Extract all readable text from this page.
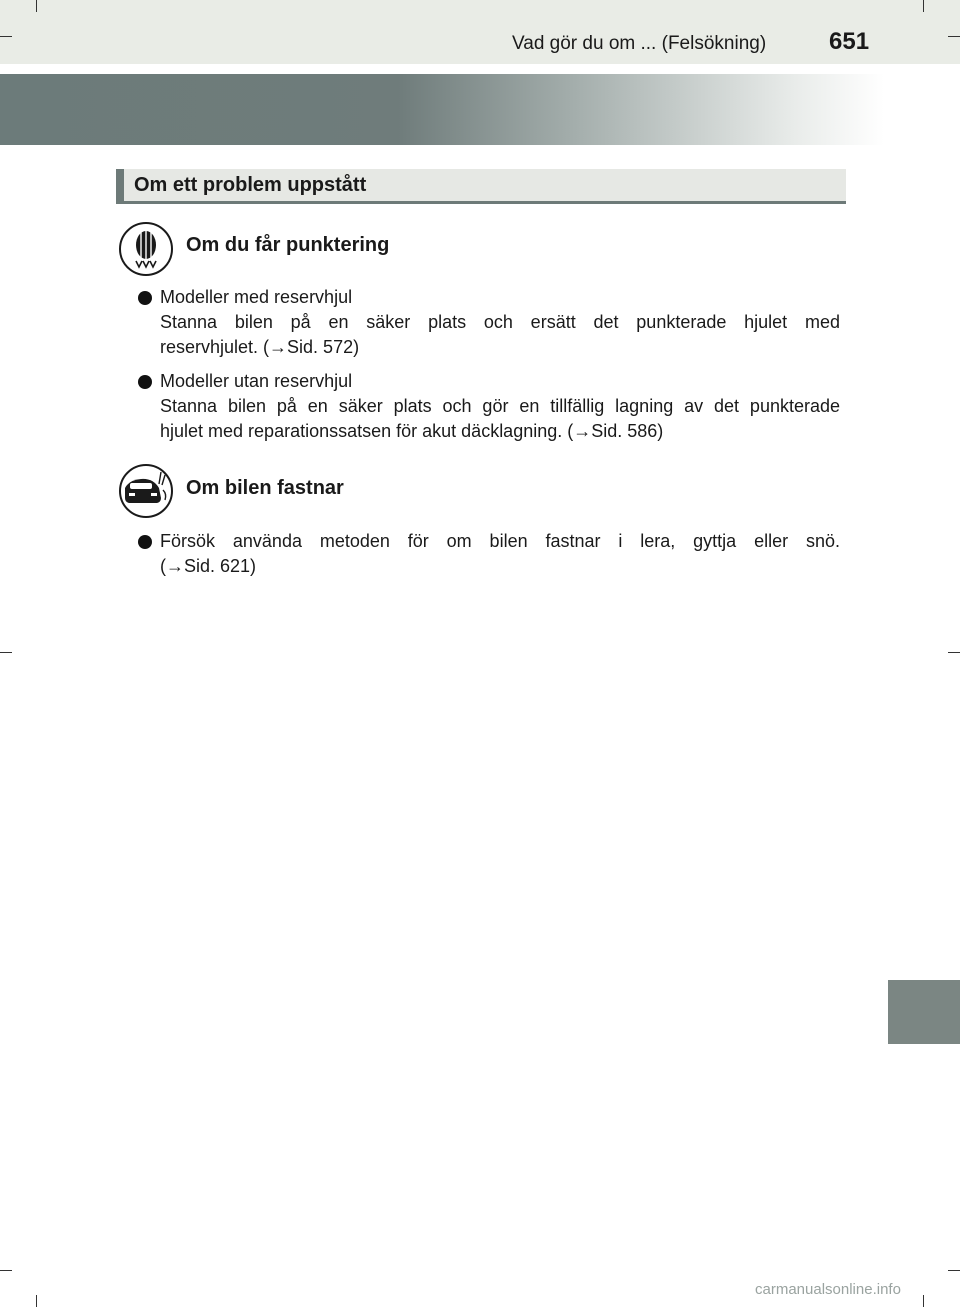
Vad gör du om ... (Felsökning)	651
Om ett problem uppstått
Om du får punktering
Modeller med reservhjul
Stanna bilen på en säker plats och ersätt det punkterade hjulet med
reservhjulet. (→Sid. 572)
Modeller utan reservhjul
Stanna bilen på en säker plats och gör en tillfällig lagning av det punkterade
hjulet med reparationssatsen för akut däcklagning. (→Sid. 586)
Om bilen fastnar
Försök använda metoden för om bilen fastnar i lera, gyttja eller snö.
(→Sid. 621)
carmanualsonline.info
